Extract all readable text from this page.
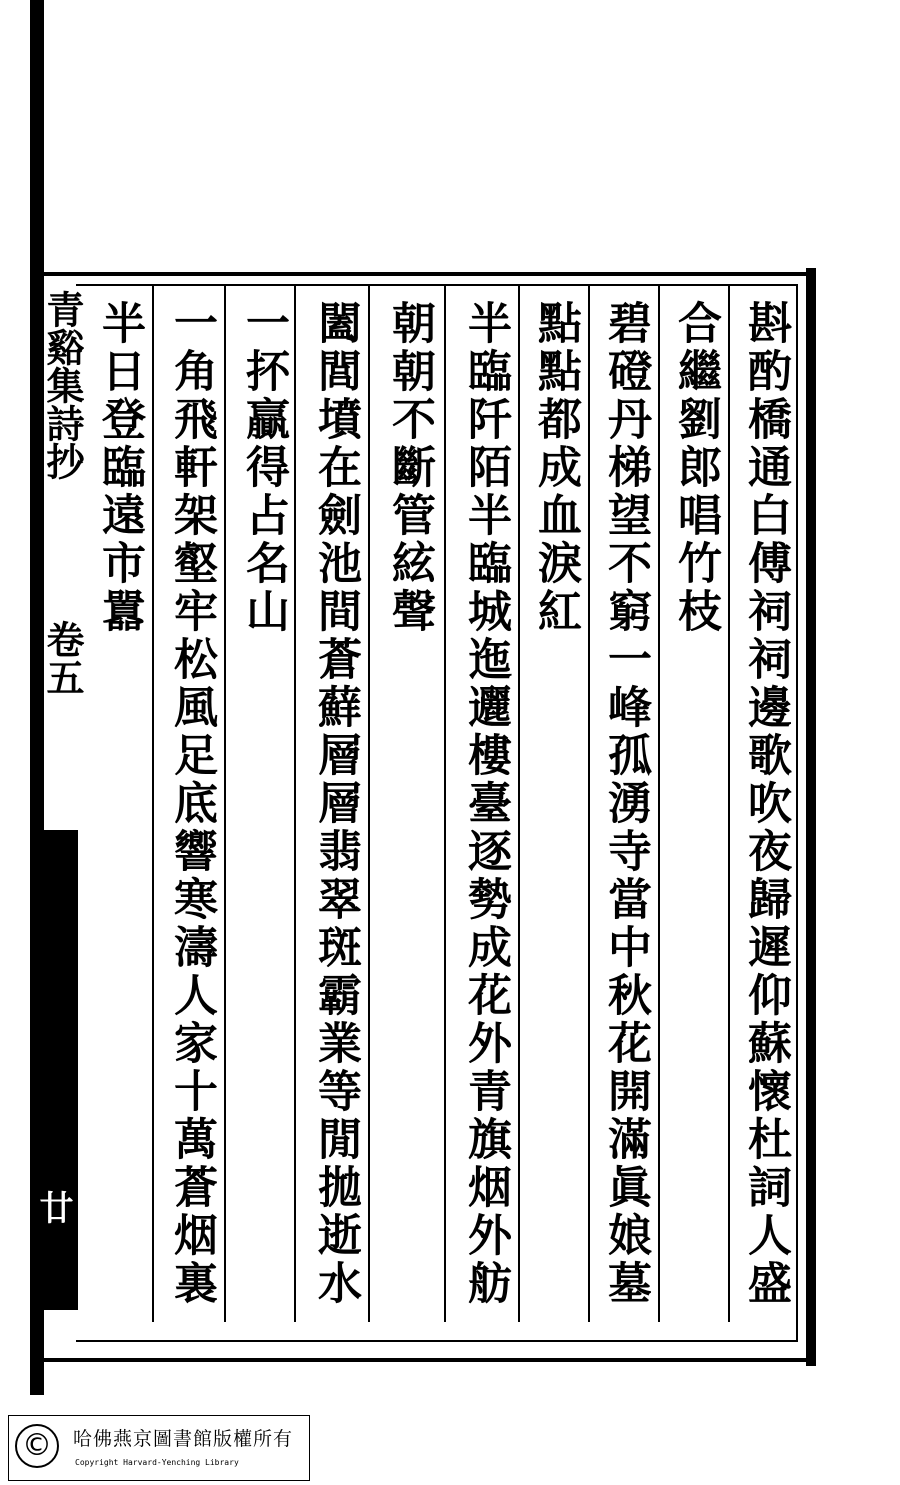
青谿集詩抄
卷五
廿	斟酌橋通白傅祠祠邊歌吹夜歸遲仰蘇懷杜詞人盛
合繼劉郎唱竹枝
碧磴丹梯望不窮一峰孤湧寺當中秋花開滿眞娘墓
點點都成血淚紅
半臨阡陌半臨城迤邐樓臺逐勢成花外青旗烟外舫
朝朝不斷管絃聲
闔閭墳在劍池間蒼蘚層層翡翠斑霸業等閒拋逝水
一抔贏得占名山
一角飛軒架壑牢松風足底響寒濤人家十萬蒼烟裏
半日登臨遠市囂
©	哈佛燕京圖書館版權所有
Copyright Harvard-Yenching Library
